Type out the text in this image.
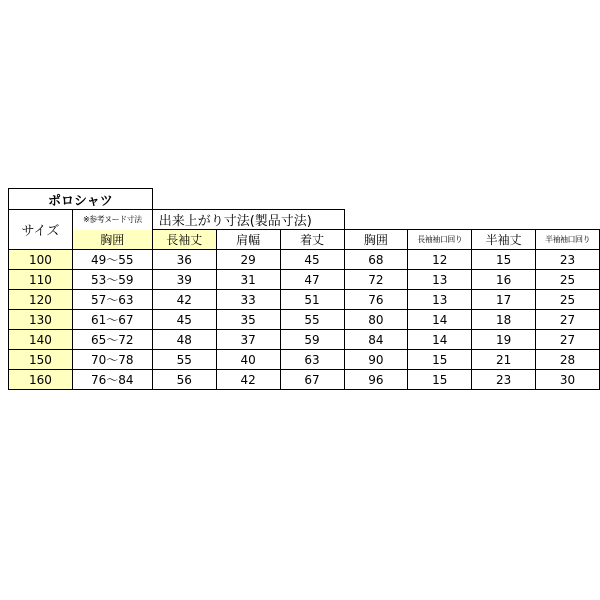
ポロシャツ								
サイズ	※参考ヌード寸法	出来上がり寸法(製品寸法)						
	胸囲	長袖丈	肩幅	着丈	胸囲	長袖袖口回り	半袖丈	半袖袖口回り
100	49〜55	36	29	45	68	12	15	23
110	53〜59	39	31	47	72	13	16	25
120	57〜63	42	33	51	76	13	17	25
130	61〜67	45	35	55	80	14	18	27
140	65〜72	48	37	59	84	14	19	27
150	70〜78	55	40	63	90	15	21	28
160	76〜84	56	42	67	96	15	23	30
